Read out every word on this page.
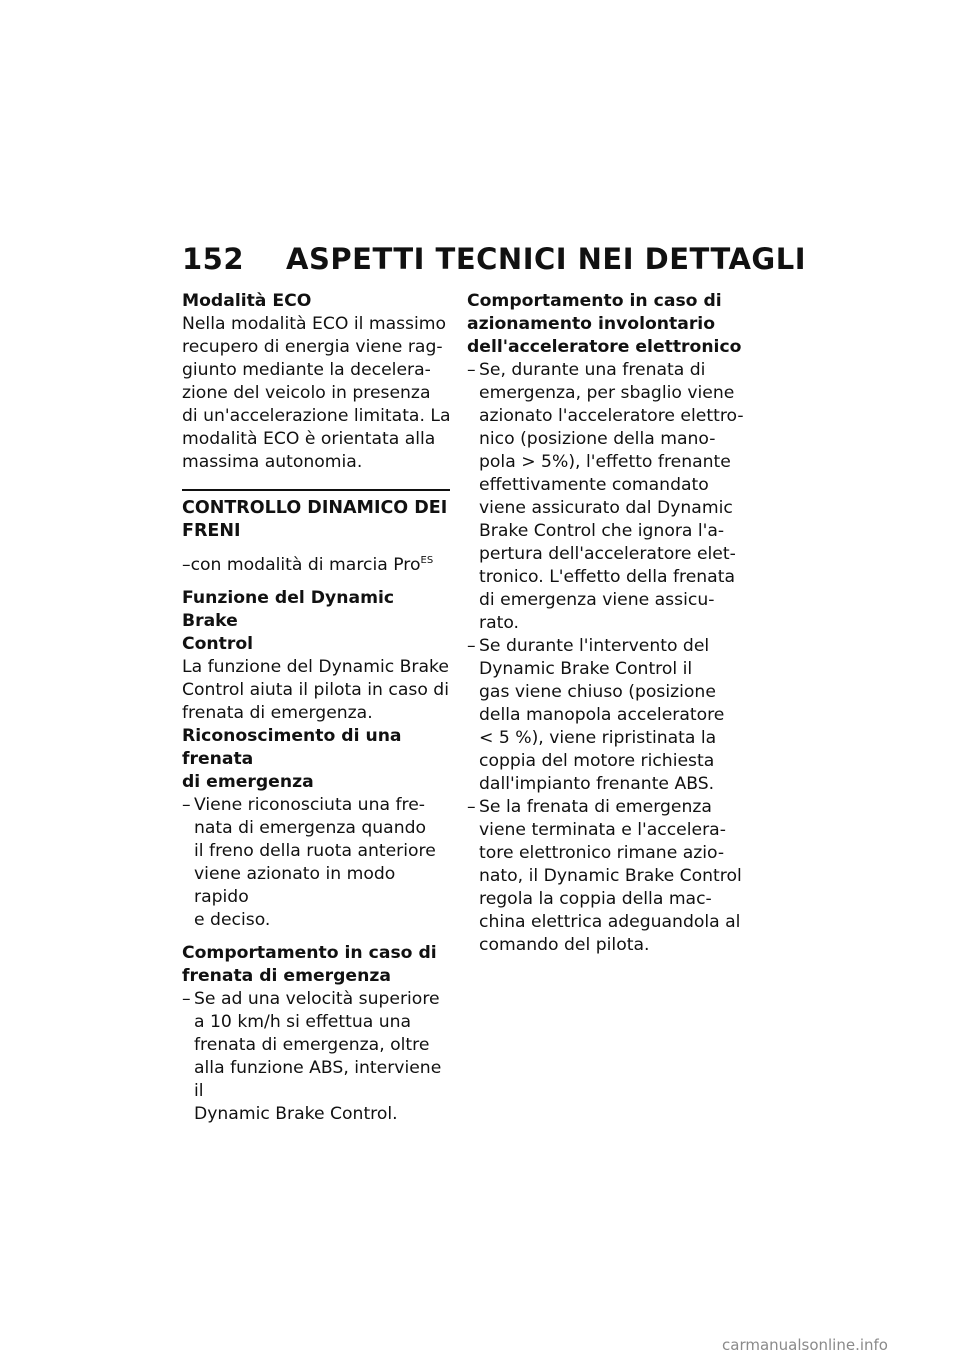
152 ASPETTI TECNICI NEI DETTAGLI

Modalità ECO

Nella modalità ECO il massimo
recupero di energia viene rag-
giunto mediante la decelera-
zione del veicolo in presenza
di un'accelerazione limitata. La
modalità ECO è orientata alla
massima autonomia.
CONTROLLO DINAMICO DEI
FRENI

–con modalità di marcia Pro$^{ES}$

Funzione del Dynamic Brake
Control
La funzione del Dynamic Brake
Control aiuta il pilota in caso di
frenata di emergenza.
Riconoscimento di una frenata
di emergenza
– Viene riconosciuta una fre-
nata di emergenza quando
il freno della ruota anteriore
viene azionato in modo rapido
e deciso.
Comportamento in caso di
frenata di emergenza
– Se ad una velocità superiore
a 10 km/h si effettua una
frenata di emergenza, oltre
alla funzione ABS, interviene il
Dynamic Brake Control.
Comportamento in caso di
azionamento involontario
dell'acceleratore elettronico
– Se, durante una frenata di
emergenza, per sbaglio viene
azionato l'acceleratore elettro-
nico (posizione della mano-
pola > 5%), l'effetto frenante
effettivamente comandato
viene assicurato dal Dynamic
Brake Control che ignora l'a-
pertura dell'acceleratore elet-
tronico. L'effetto della frenata
di emergenza viene assicu-
rato.
– Se durante l'intervento del
Dynamic Brake Control il
gas viene chiuso (posizione
della manopola acceleratore
< 5 %), viene ripristinata la
coppia del motore richiesta
dall'impianto frenante ABS.
– Se la frenata di emergenza
viene terminata e l'accelera-
tore elettronico rimane azio-
nato, il Dynamic Brake Control
regola la coppia della mac-
china elettrica adeguandola al
comando del pilota.
carmanualsonline.info
